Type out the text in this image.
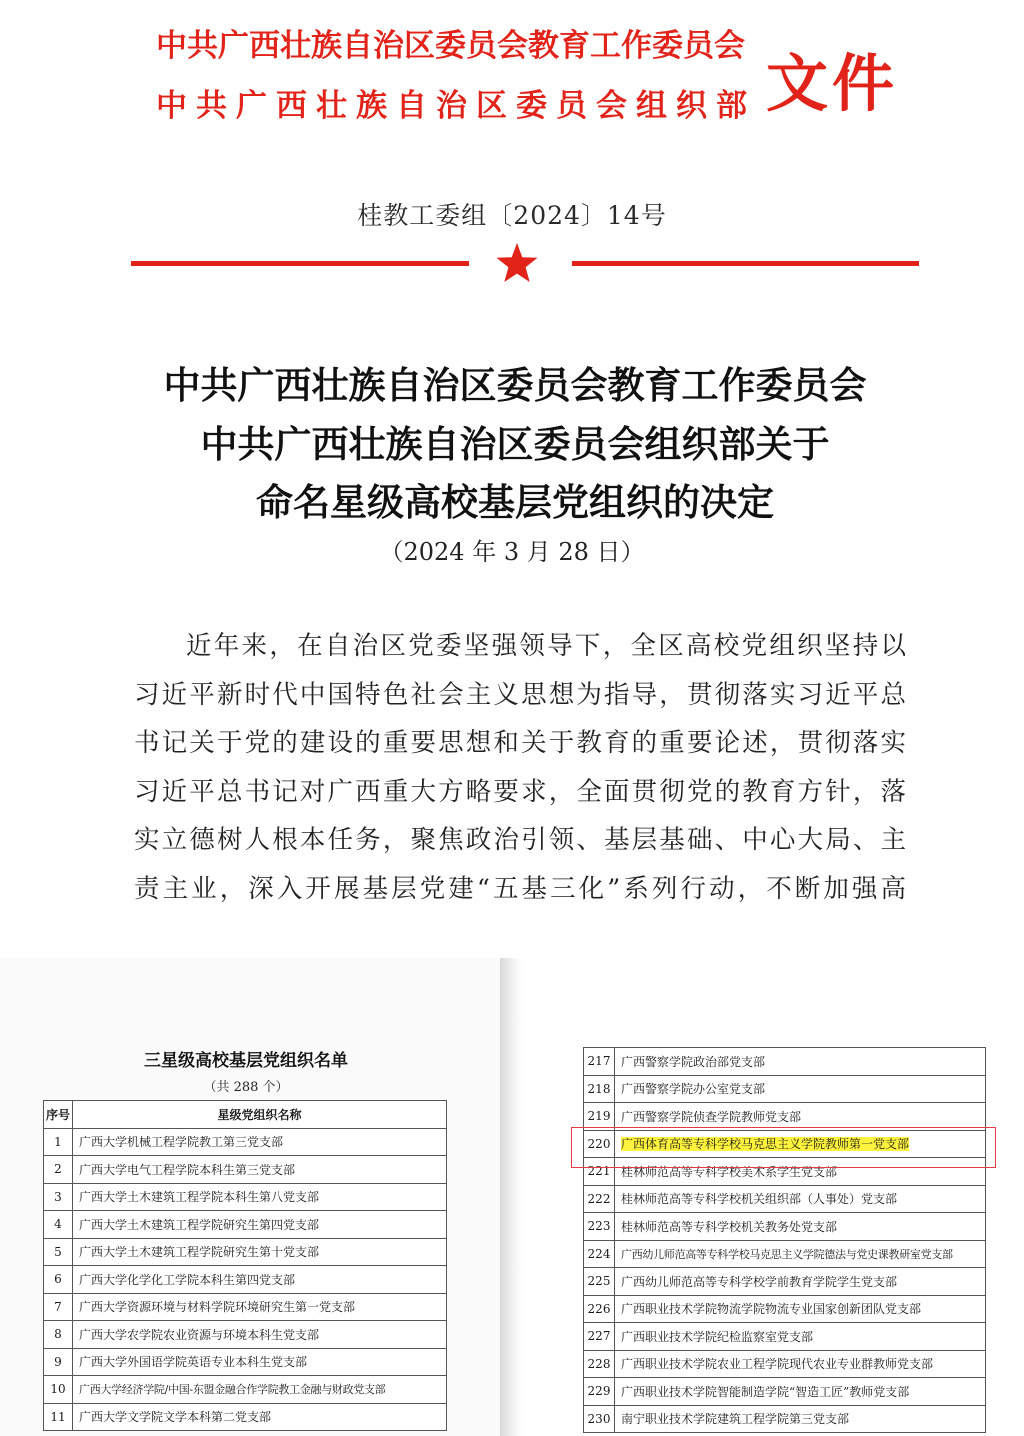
中共广西壮族自治区委员会教育工作委员会
中共广西壮族自治区委员会组织部 文件
桂教工委组〔2024〕14号
中共广西壮族自治区委员会教育工作委员会
中共广西壮族自治区委员会组织部关于
命名星级高校基层党组织的决定
（2024 年 3 月 28 日）
近年来，在自治区党委坚强领导下，全区高校党组织坚持以
习近平新时代中国特色社会主义思想为指导，贯彻落实习近平总
书记关于党的建设的重要思想和关于教育的重要论述，贯彻落实
习近平总书记对广西重大方略要求，全面贯彻党的教育方针，落
实立德树人根本任务，聚焦政治引领、基层基础、中心大局、主
责主业，深入开展基层党建“五基三化”系列行动，不断加强高
三星级高校基层党组织名单
（共 288 个）
序号	星级党组织名称
1	广西大学机械工程学院教工第三党支部
2	广西大学电气工程学院本科生第三党支部
3	广西大学土木建筑工程学院本科生第八党支部
4	广西大学土木建筑工程学院研究生第四党支部
5	广西大学土木建筑工程学院研究生第十党支部
6	广西大学化学化工学院本科生第四党支部
7	广西大学资源环境与材料学院环境研究生第一党支部
8	广西大学农学院农业资源与环境本科生党支部
9	广西大学外国语学院英语专业本科生党支部
10	广西大学经济学院/中国-东盟金融合作学院教工金融与财政党支部
11	广西大学文学院文学本科第二党支部
217	广西警察学院政治部党支部
218	广西警察学院办公室党支部
219	广西警察学院侦查学院教师党支部
220	广西体育高等专科学校马克思主义学院教师第一党支部
221	桂林师范高等专科学校美术系学生党支部
222	桂林师范高等专科学校机关组织部（人事处）党支部
223	桂林师范高等专科学校机关教务处党支部
224	广西幼儿师范高等专科学校马克思主义学院德法与党史课教研室党支部
225	广西幼儿师范高等专科学校学前教育学院学生党支部
226	广西职业技术学院物流学院物流专业国家创新团队党支部
227	广西职业技术学院纪检监察室党支部
228	广西职业技术学院农业工程学院现代农业专业群教师党支部
229	广西职业技术学院智能制造学院“智造工匠”教师党支部
230	南宁职业技术学院建筑工程学院第三党支部
